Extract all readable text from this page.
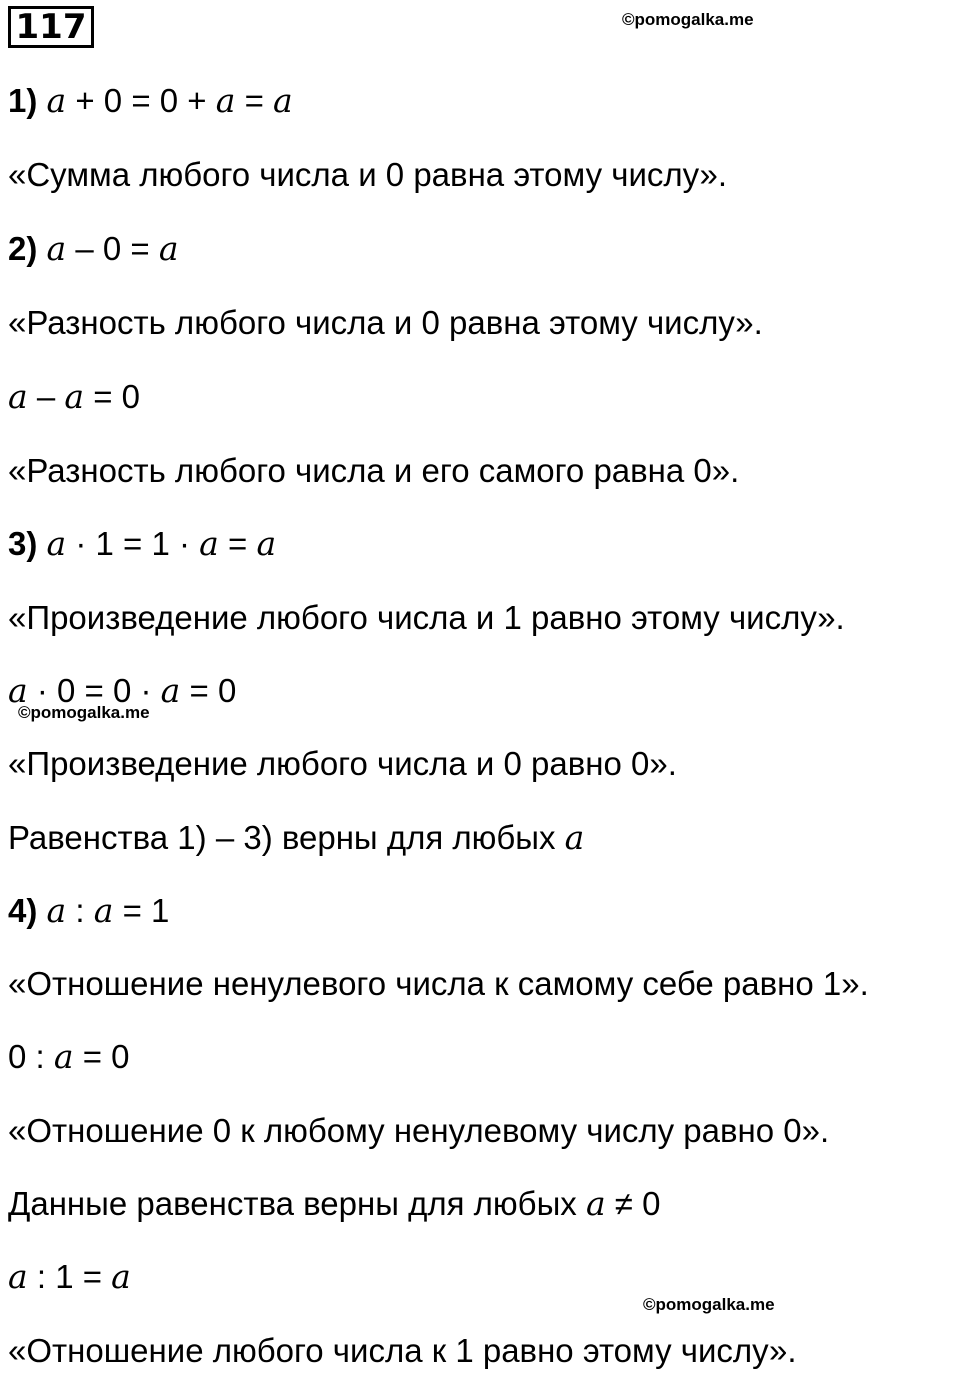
117	©pomogalka.me
©pomogalka.me
©pomogalka.me
1) a + 0 = 0 + a = a
«Сумма любого числа и 0 равна этому числу».
2) a – 0 = a
«Разность любого числа и 0 равна этому числу».
a – a = 0
«Разность любого числа и его самого равна 0».
3) a · 1 = 1 · a = a
«Произведение любого числа и 1 равно этому числу».
a · 0 = 0 · a = 0
«Произведение любого числа и 0 равно 0».
Равенства 1) – 3) верны для любых a
4) a : a = 1
«Отношение ненулевого числа к самому себе равно 1».
0 : a = 0
«Отношение 0 к любому ненулевому числу равно 0».
Данные равенства верны для любых a ≠ 0
a : 1 = a
«Отношение любого числа к 1 равно этому числу».
